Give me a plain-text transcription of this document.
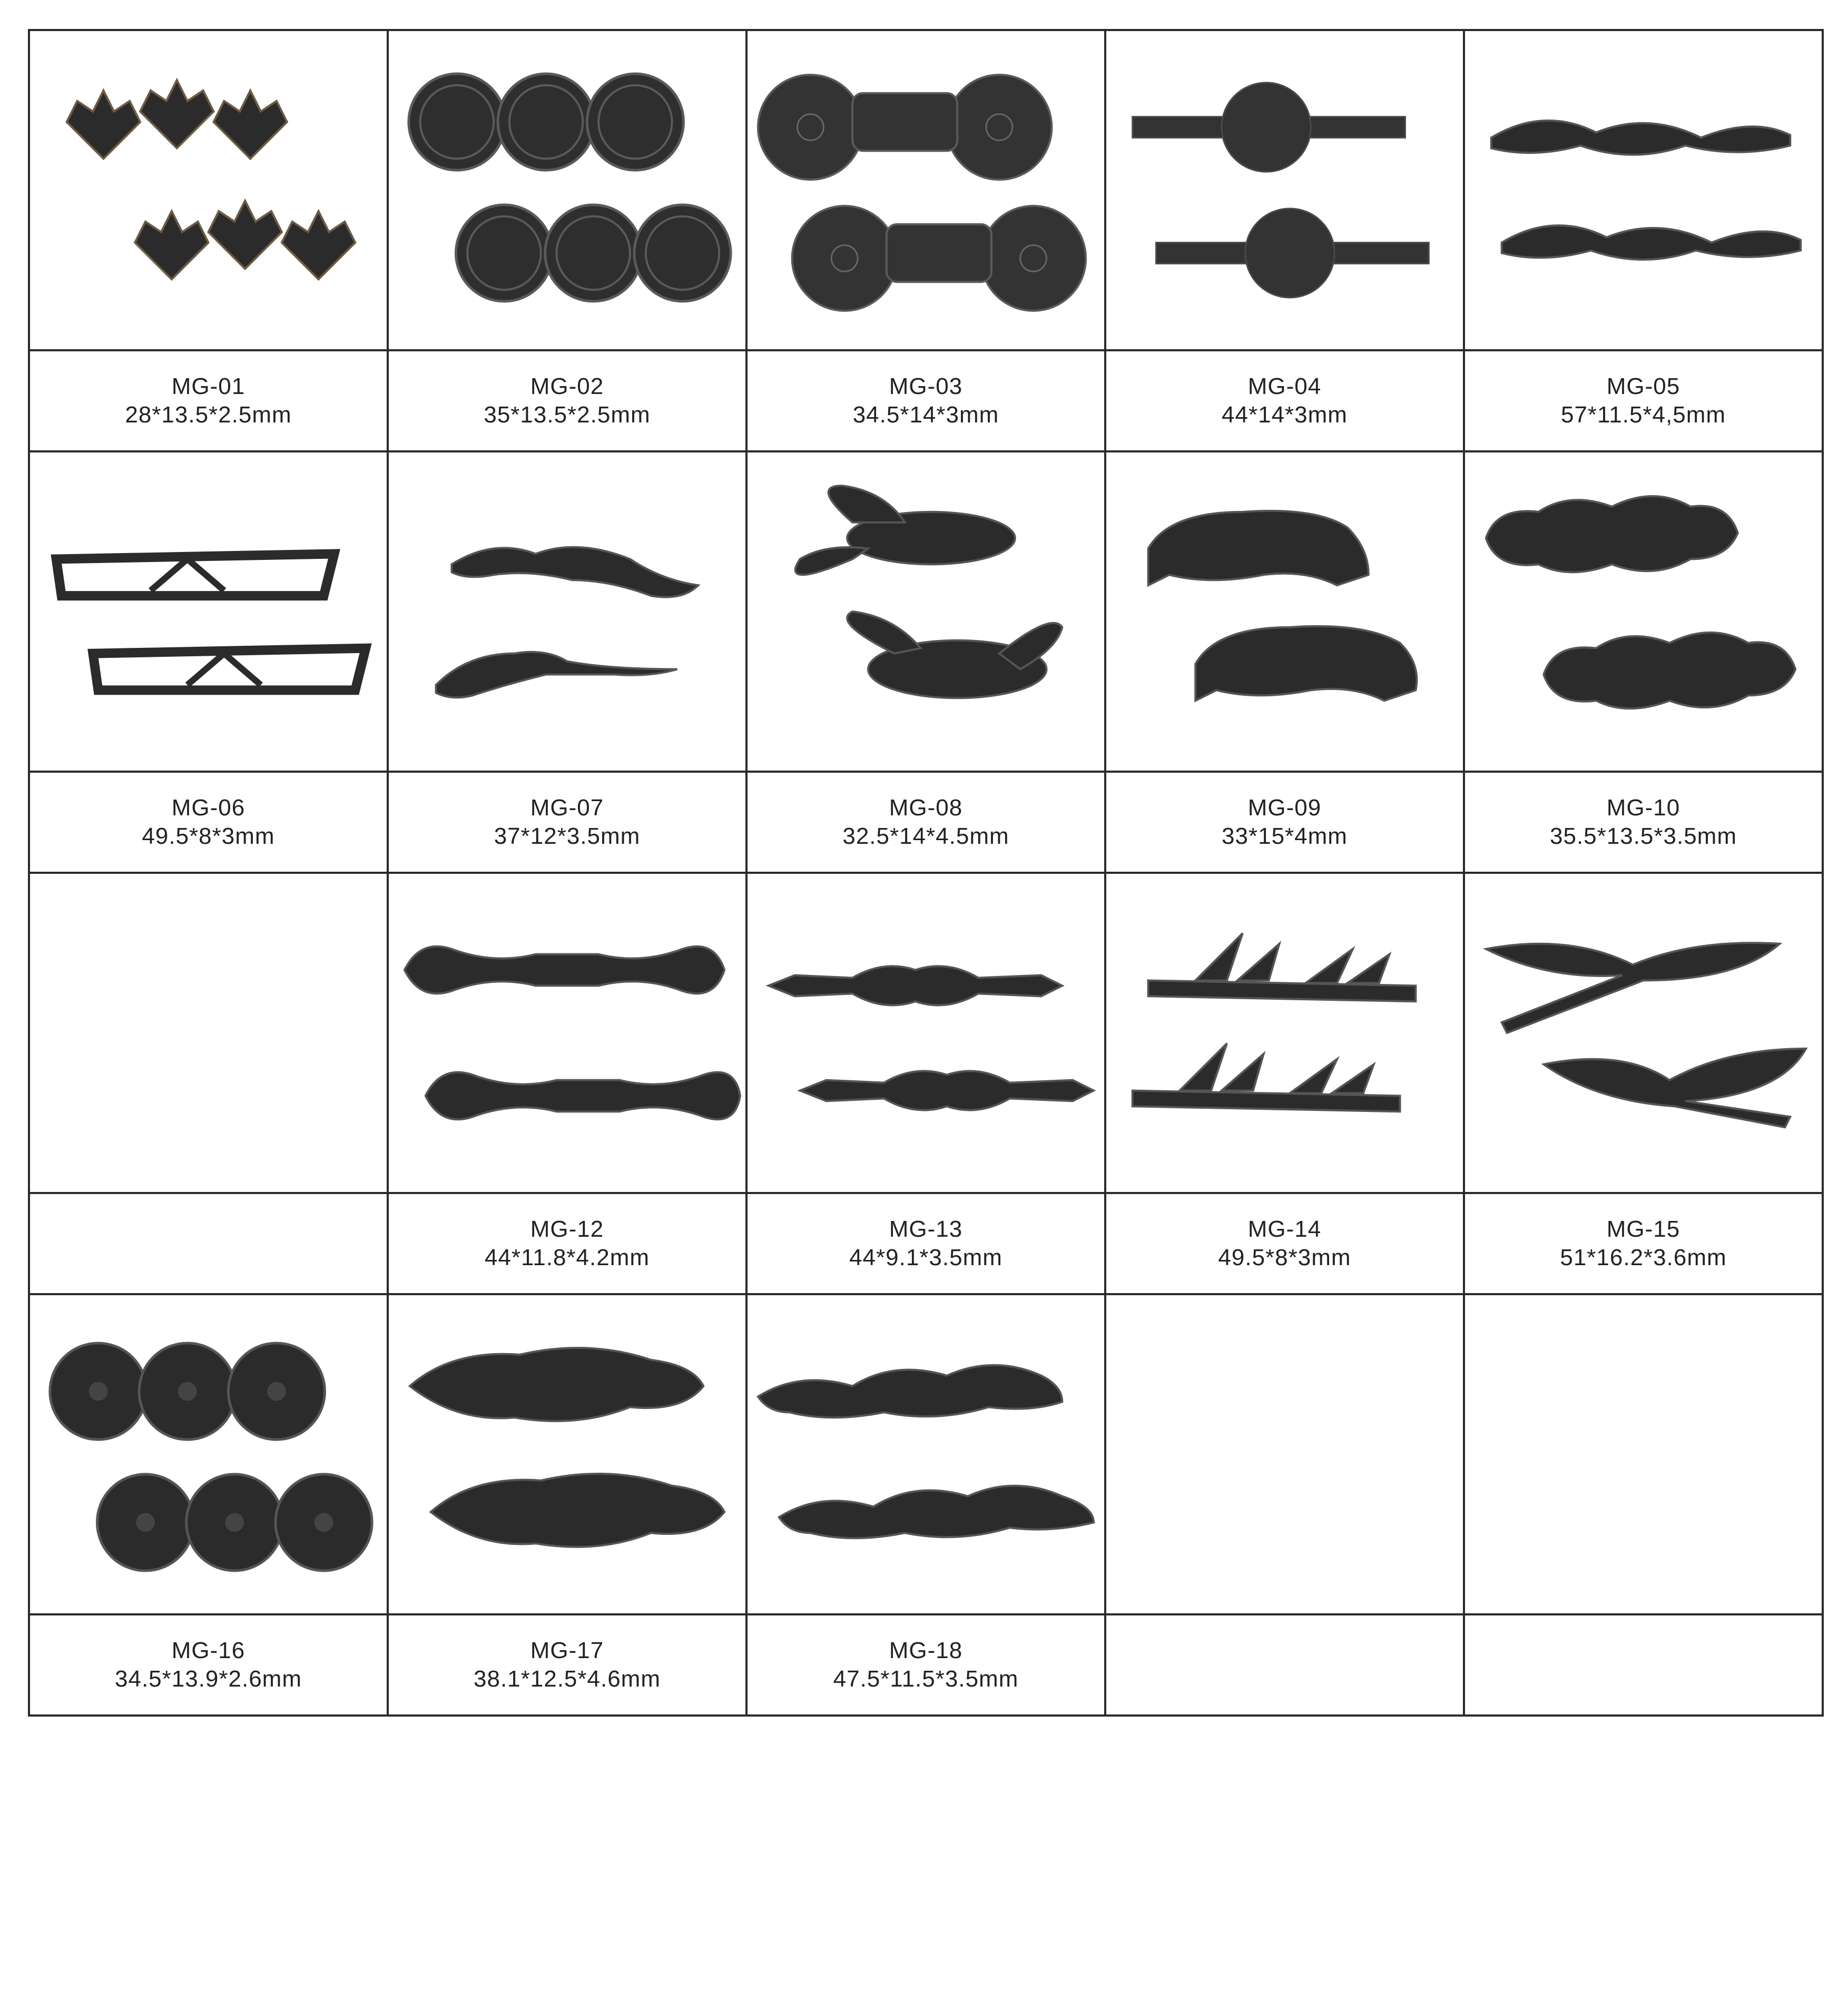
MG-01
28*13.5*2.5mm	MG-02
35*13.5*2.5mm	MG-03
34.5*14*3mm	MG-04
44*14*3mm	MG-05
57*11.5*4,5mm

MG-06
49.5*8*3mm	MG-07
37*12*3.5mm	MG-08
32.5*14*4.5mm	MG-09
33*15*4mm	MG-10
35.5*13.5*3.5mm

	MG-12
44*11.8*4.2mm	MG-13
44*9.1*3.5mm	MG-14
49.5*8*3mm	MG-15
51*16.2*3.6mm

MG-16
34.5*13.9*2.6mm	MG-17
38.1*12.5*4.6mm	MG-18
47.5*11.5*3.5mm		
